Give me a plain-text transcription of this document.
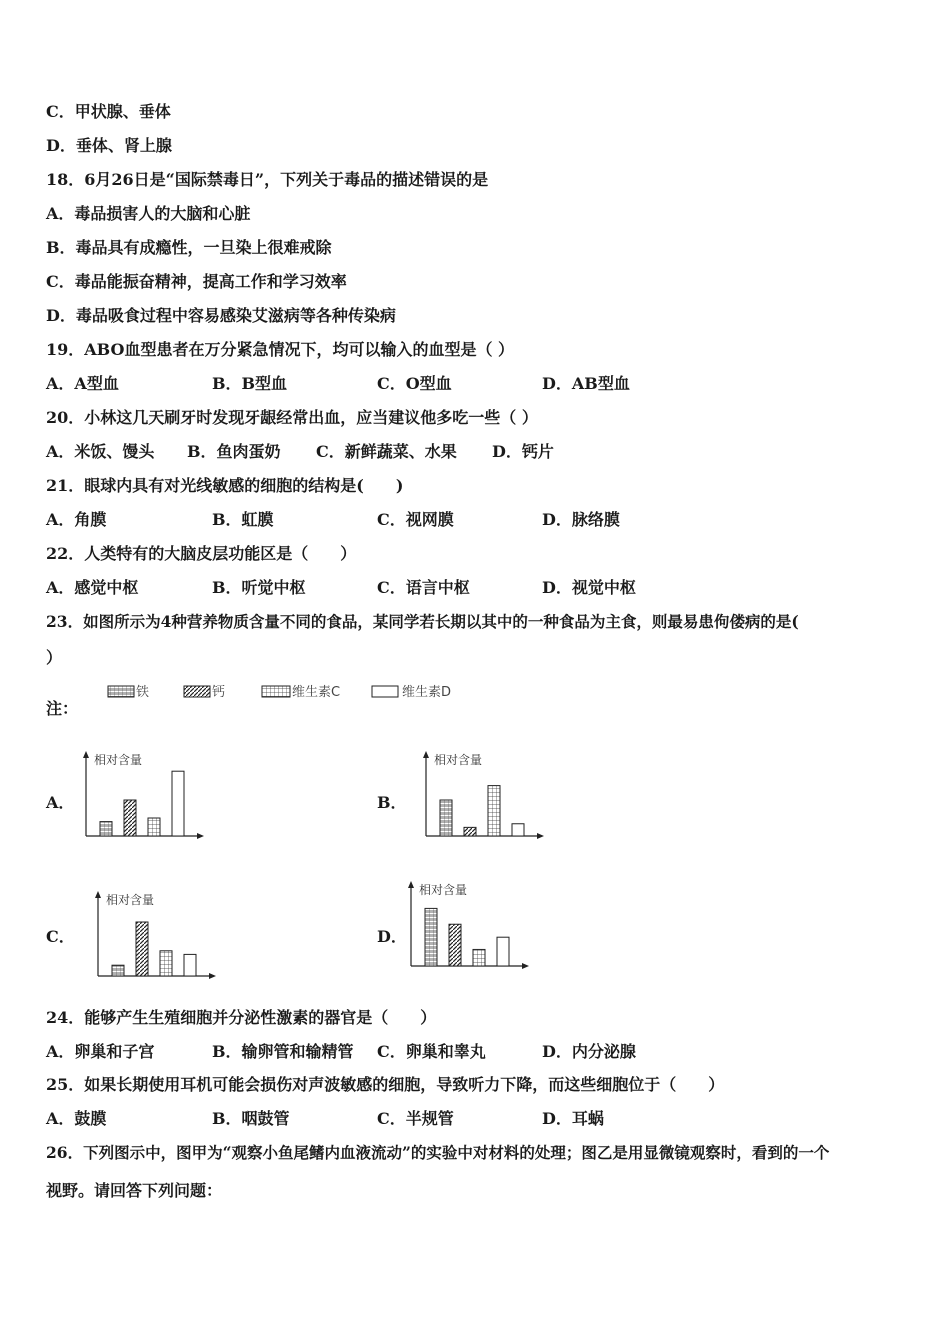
C．甲状腺、垂体
D．垂体、肾上腺
18．6月26日是“国际禁毒日”，下列关于毒品的描述错误的是
A．毒品损害人的大脑和心脏
B．毒品具有成瘾性，一旦染上很难戒除
C．毒品能振奋精神，提高工作和学习效率
D．毒品吸食过程中容易感染艾滋病等各种传染病
19．ABO血型患者在万分紧急情况下，均可以输入的血型是（ ）
A．A型血	B．B型血	C．O型血	D．AB型血
20．小林这几天刷牙时发现牙龈经常出血，应当建议他多吃一些（ ）
A．米饭、馒头 B．鱼肉蛋奶 C．新鲜蔬菜、水果 D．钙片
21．眼球内具有对光线敏感的细胞的结构是(　　)
A．角膜	B．虹膜	C．视网膜	D．脉络膜
22．人类特有的大脑皮层功能区是（　　）
A．感觉中枢	B．听觉中枢	C．语言中枢	D．视觉中枢
23．如图所示为4种营养物质含量不同的食品，某同学若长期以其中的一种食品为主食，则最易患佝偻病的是(
）
注：
铁	钙	维生素C	维生素D
A．
相对含量
B．
相对含量
C．
相对含量
D．
相对含量
24．能够产生生殖细胞并分泌性激素的器官是（　　）
A．卵巢和子宫	B．输卵管和输精管 C．卵巢和睾丸	D．内分泌腺
25．如果长期使用耳机可能会损伤对声波敏感的细胞，导致听力下降，而这些细胞位于（　　）
A．鼓膜	B．咽鼓管	C．半规管	D．耳蜗
26．下列图示中，图甲为“观察小鱼尾鳍内血液流动”的实验中对材料的处理；图乙是用显微镜观察时，看到的一个
视野。请回答下列问题：
